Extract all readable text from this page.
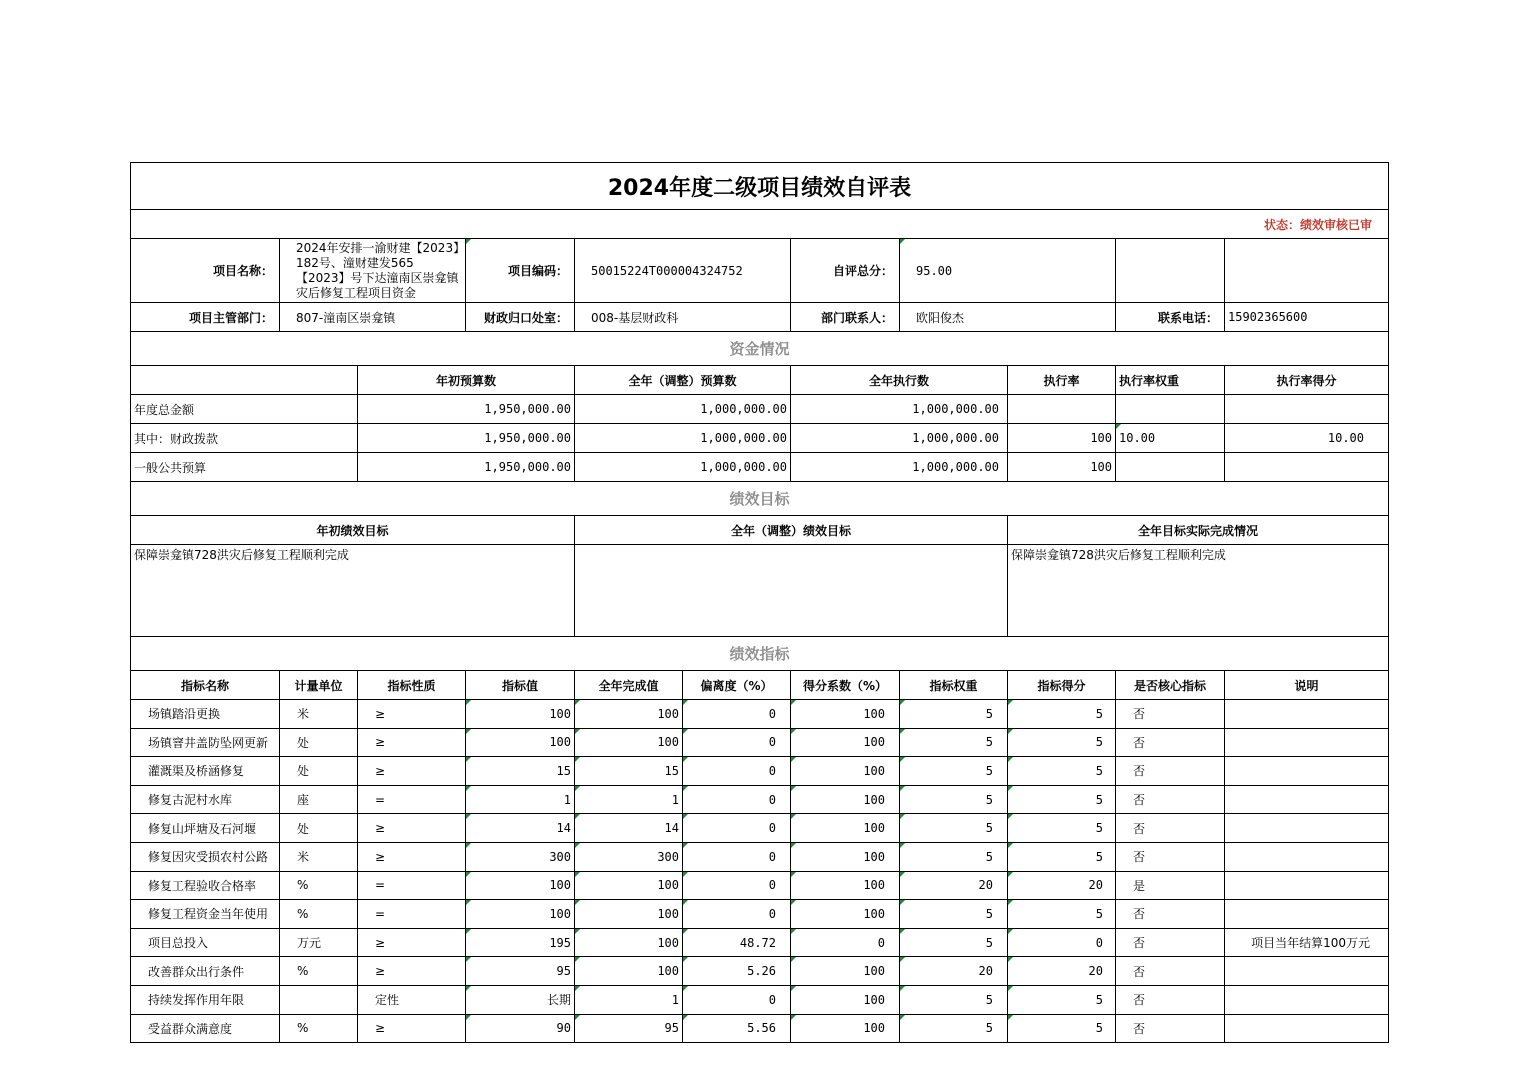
2024年度二级项目绩效自评表										
状态：绩效审核已审										
项目名称：	2024年安排一渝财建【2023】182号、潼财建发565【2023】号下达潼南区崇龛镇灾后修复工程项目资金		项目编码：	50015224T000004324752		自评总分：	95.00			
项目主管部门：	807-潼南区崇龛镇		财政归口处室：	008-基层财政科		部门联系人：	欧阳俊杰		联系电话：	15902365600
资金情况										
		年初预算数		全年（调整）预算数		全年执行数		执行率	执行率权重	执行率得分
年度总金额		1,950,000.00		1,000,000.00		1,000,000.00				
其中：财政拨款		1,950,000.00		1,000,000.00		1,000,000.00		100	10.00	10.00
一般公共预算		1,950,000.00		1,000,000.00		1,000,000.00		100		
绩效目标										
年初绩效目标				全年（调整）绩效目标				全年目标实际完成情况		
保障崇龛镇728洪灾后修复工程顺利完成								保障崇龛镇728洪灾后修复工程顺利完成		
绩效指标										
指标名称	计量单位	指标性质	指标值	全年完成值	偏离度（%）	得分系数（%）	指标权重	指标得分	是否核心指标	说明
场镇踏沿更换	米	≥	100	100	0	100	5	5	否	
场镇窨井盖防坠网更新	处	≥	100	100	0	100	5	5	否	
灌溉渠及桥涵修复	处	≥	15	15	0	100	5	5	否	
修复古泥村水库	座	=	1	1	0	100	5	5	否	
修复山坪塘及石河堰	处	≥	14	14	0	100	5	5	否	
修复因灾受损农村公路	米	≥	300	300	0	100	5	5	否	
修复工程验收合格率	%	=	100	100	0	100	20	20	是	
修复工程资金当年使用	%	=	100	100	0	100	5	5	否	
项目总投入	万元	≥	195	100	48.72	0	5	0	否	项目当年结算100万元
改善群众出行条件	%	≥	95	100	5.26	100	20	20	否	
持续发挥作用年限		定性	长期	1	0	100	5	5	否	
受益群众满意度	%	≥	90	95	5.56	100	5	5	否	
